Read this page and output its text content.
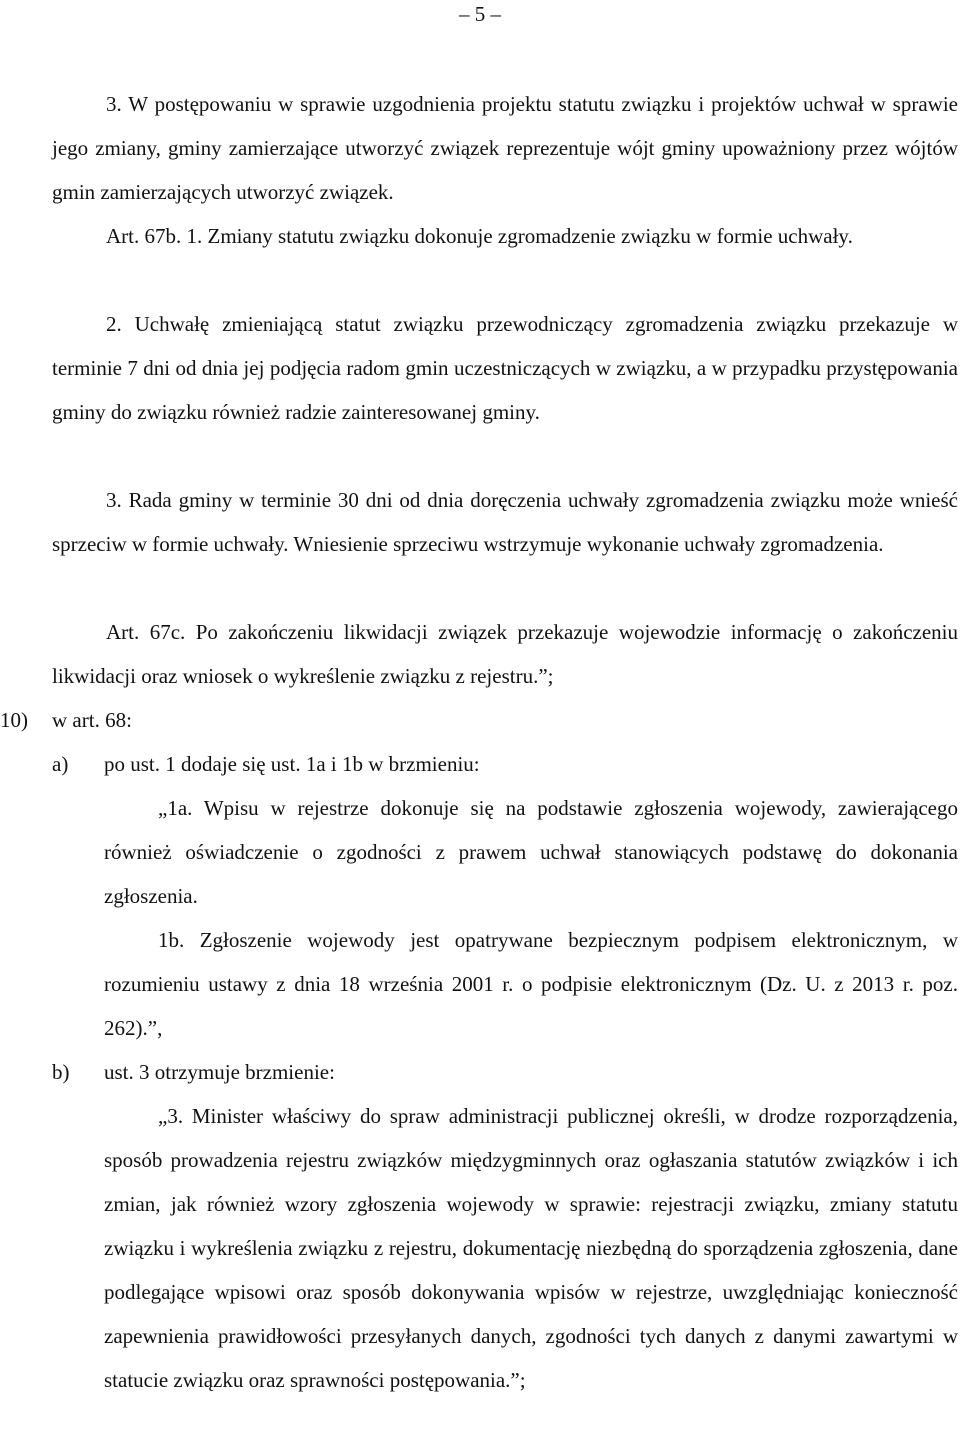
– 5 –

3. W postępowaniu w sprawie uzgodnienia projektu statutu związku i projektów uchwał w sprawie jego zmiany, gminy zamierzające utworzyć związek reprezentuje wójt gminy upoważniony przez wójtów gmin zamierzających utworzyć związek.

Art. 67b. 1. Zmiany statutu związku dokonuje zgromadzenie związku w formie uchwały.

2. Uchwałę zmieniającą statut związku przewodniczący zgromadzenia związku przekazuje w terminie 7 dni od dnia jej podjęcia radom gmin uczestniczących w związku, a w przypadku przystępowania gminy do związku również radzie zainteresowanej gminy.

3. Rada gminy w terminie 30 dni od dnia doręczenia uchwały zgromadzenia związku może wnieść sprzeciw w formie uchwały. Wniesienie sprzeciwu wstrzymuje wykonanie uchwały zgromadzenia.

Art. 67c. Po zakończeniu likwidacji związek przekazuje wojewodzie informację o zakończeniu likwidacji oraz wniosek o wykreślenie związku z rejestru.”;

10) w art. 68:
a) po ust. 1 dodaje się ust. 1a i 1b w brzmieniu:

„1a. Wpisu w rejestrze dokonuje się na podstawie zgłoszenia wojewody, zawierającego również oświadczenie o zgodności z prawem uchwał stanowiących podstawę do dokonania zgłoszenia.

1b. Zgłoszenie wojewody jest opatrywane bezpiecznym podpisem elektronicznym, w rozumieniu ustawy z dnia 18 września 2001 r. o podpisie elektronicznym (Dz. U. z 2013 r. poz. 262).”,

b) ust. 3 otrzymuje brzmienie:

„3. Minister właściwy do spraw administracji publicznej określi, w drodze rozporządzenia, sposób prowadzenia rejestru związków międzygminnych oraz ogłaszania statutów związków i ich zmian, jak również wzory zgłoszenia wojewody w sprawie: rejestracji związku, zmiany statutu związku i wykreślenia związku z rejestru, dokumentację niezbędną do sporządzenia zgłoszenia, dane podlegające wpisowi oraz sposób dokonywania wpisów w rejestrze, uwzględniając konieczność zapewnienia prawidłowości przesyłanych danych, zgodności tych danych z danymi zawartymi w statucie związku oraz sprawności postępowania.”;
